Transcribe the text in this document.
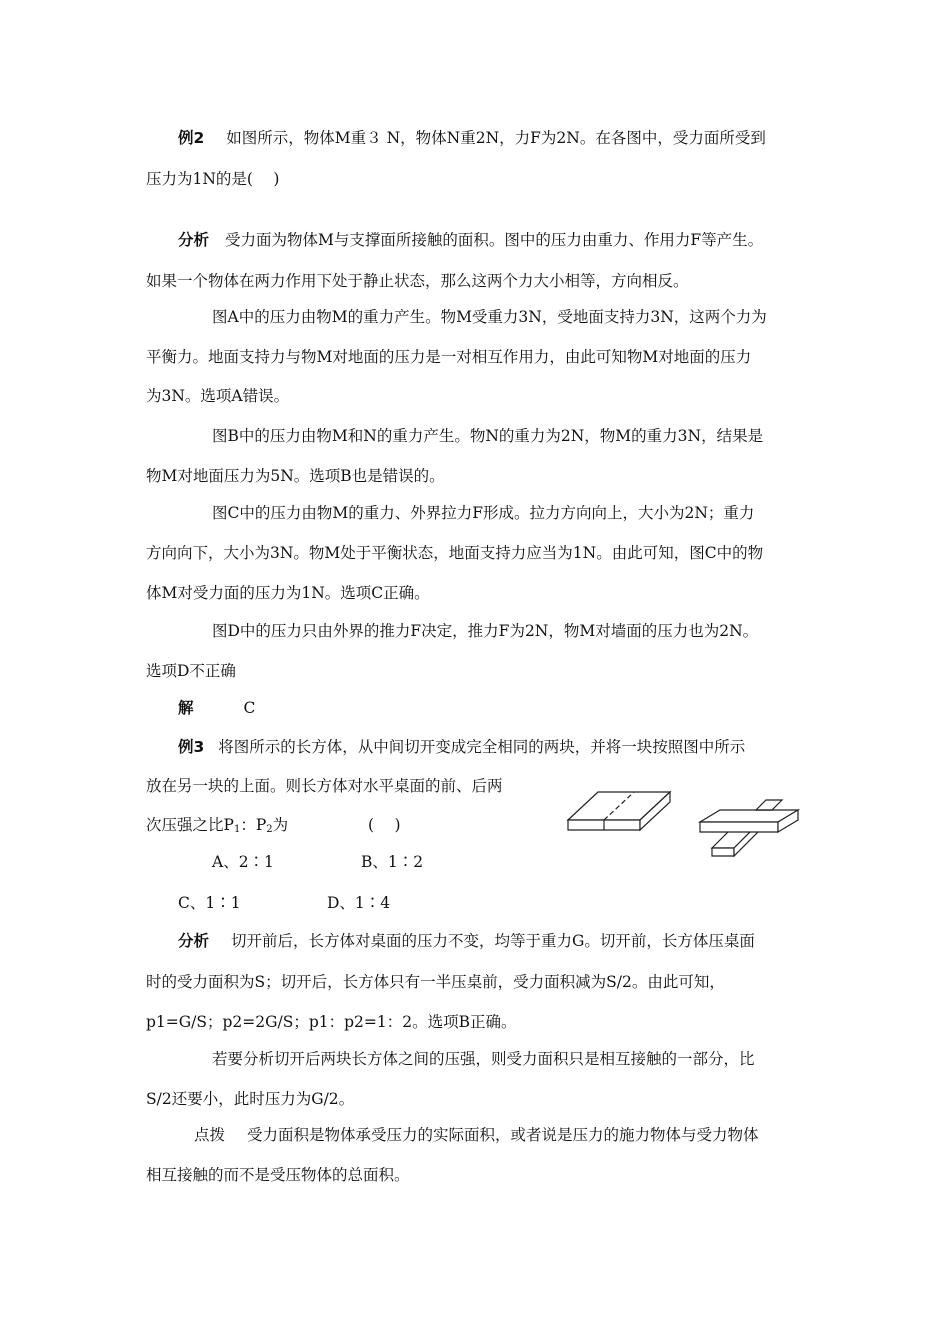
例2 如图所示，物体M重３ N，物体N重2N，力F为2N。在各图中，受力面所受到
压力为1N的是(　 )
分析 受力面为物体M与支撑面所接触的面积。图中的压力由重力、作用力F等产生。
如果一个物体在两力作用下处于静止状态，那么这两个力大小相等，方向相反。
图A中的压力由物M的重力产生。物M受重力3N，受地面支持力3N，这两个力为
平衡力。地面支持力与物M对地面的压力是一对相互作用力，由此可知物M对地面的压力
为3N。选项A错误。
图B中的压力由物M和N的重力产生。物N的重力为2N，物M的重力3N，结果是
物M对地面压力为5N。选项B也是错误的。
图C中的压力由物M的重力、外界拉力F形成。拉力方向向上，大小为2N；重力
方向向下，大小为3N。物M处于平衡状态，地面支持力应当为1N。由此可知，图C中的物
体M对受力面的压力为1N。选项C正确。
图D中的压力只由外界的推力F决定，推力F为2N，物M对墙面的压力也为2N。
选项D不正确
解	C
例3 将图所示的长方体，从中间切开变成完全相同的两块，并将一块按照图中所示
放在另一块的上面。则长方体对水平桌面的前、后两
次压强之比$P_1$：$P_2$为	(　 )
A、2∶1	B、1∶2
C、1∶1	D、1∶4
分析 切开前后，长方体对桌面的压力不变，均等于重力G。切开前，长方体压桌面
时的受力面积为S；切开后，长方体只有一半压桌前，受力面积减为S/2。由此可知，
p1=G/S；p2=2G/S；p1：p2=1：2。选项B正确。
若要分析切开后两块长方体之间的压强，则受力面积只是相互接触的一部分，比
S/2还要小，此时压力为G/2。
点拨 受力面积是物体承受压力的实际面积，或者说是压力的施力物体与受力物体
相互接触的而不是受压物体的总面积。
